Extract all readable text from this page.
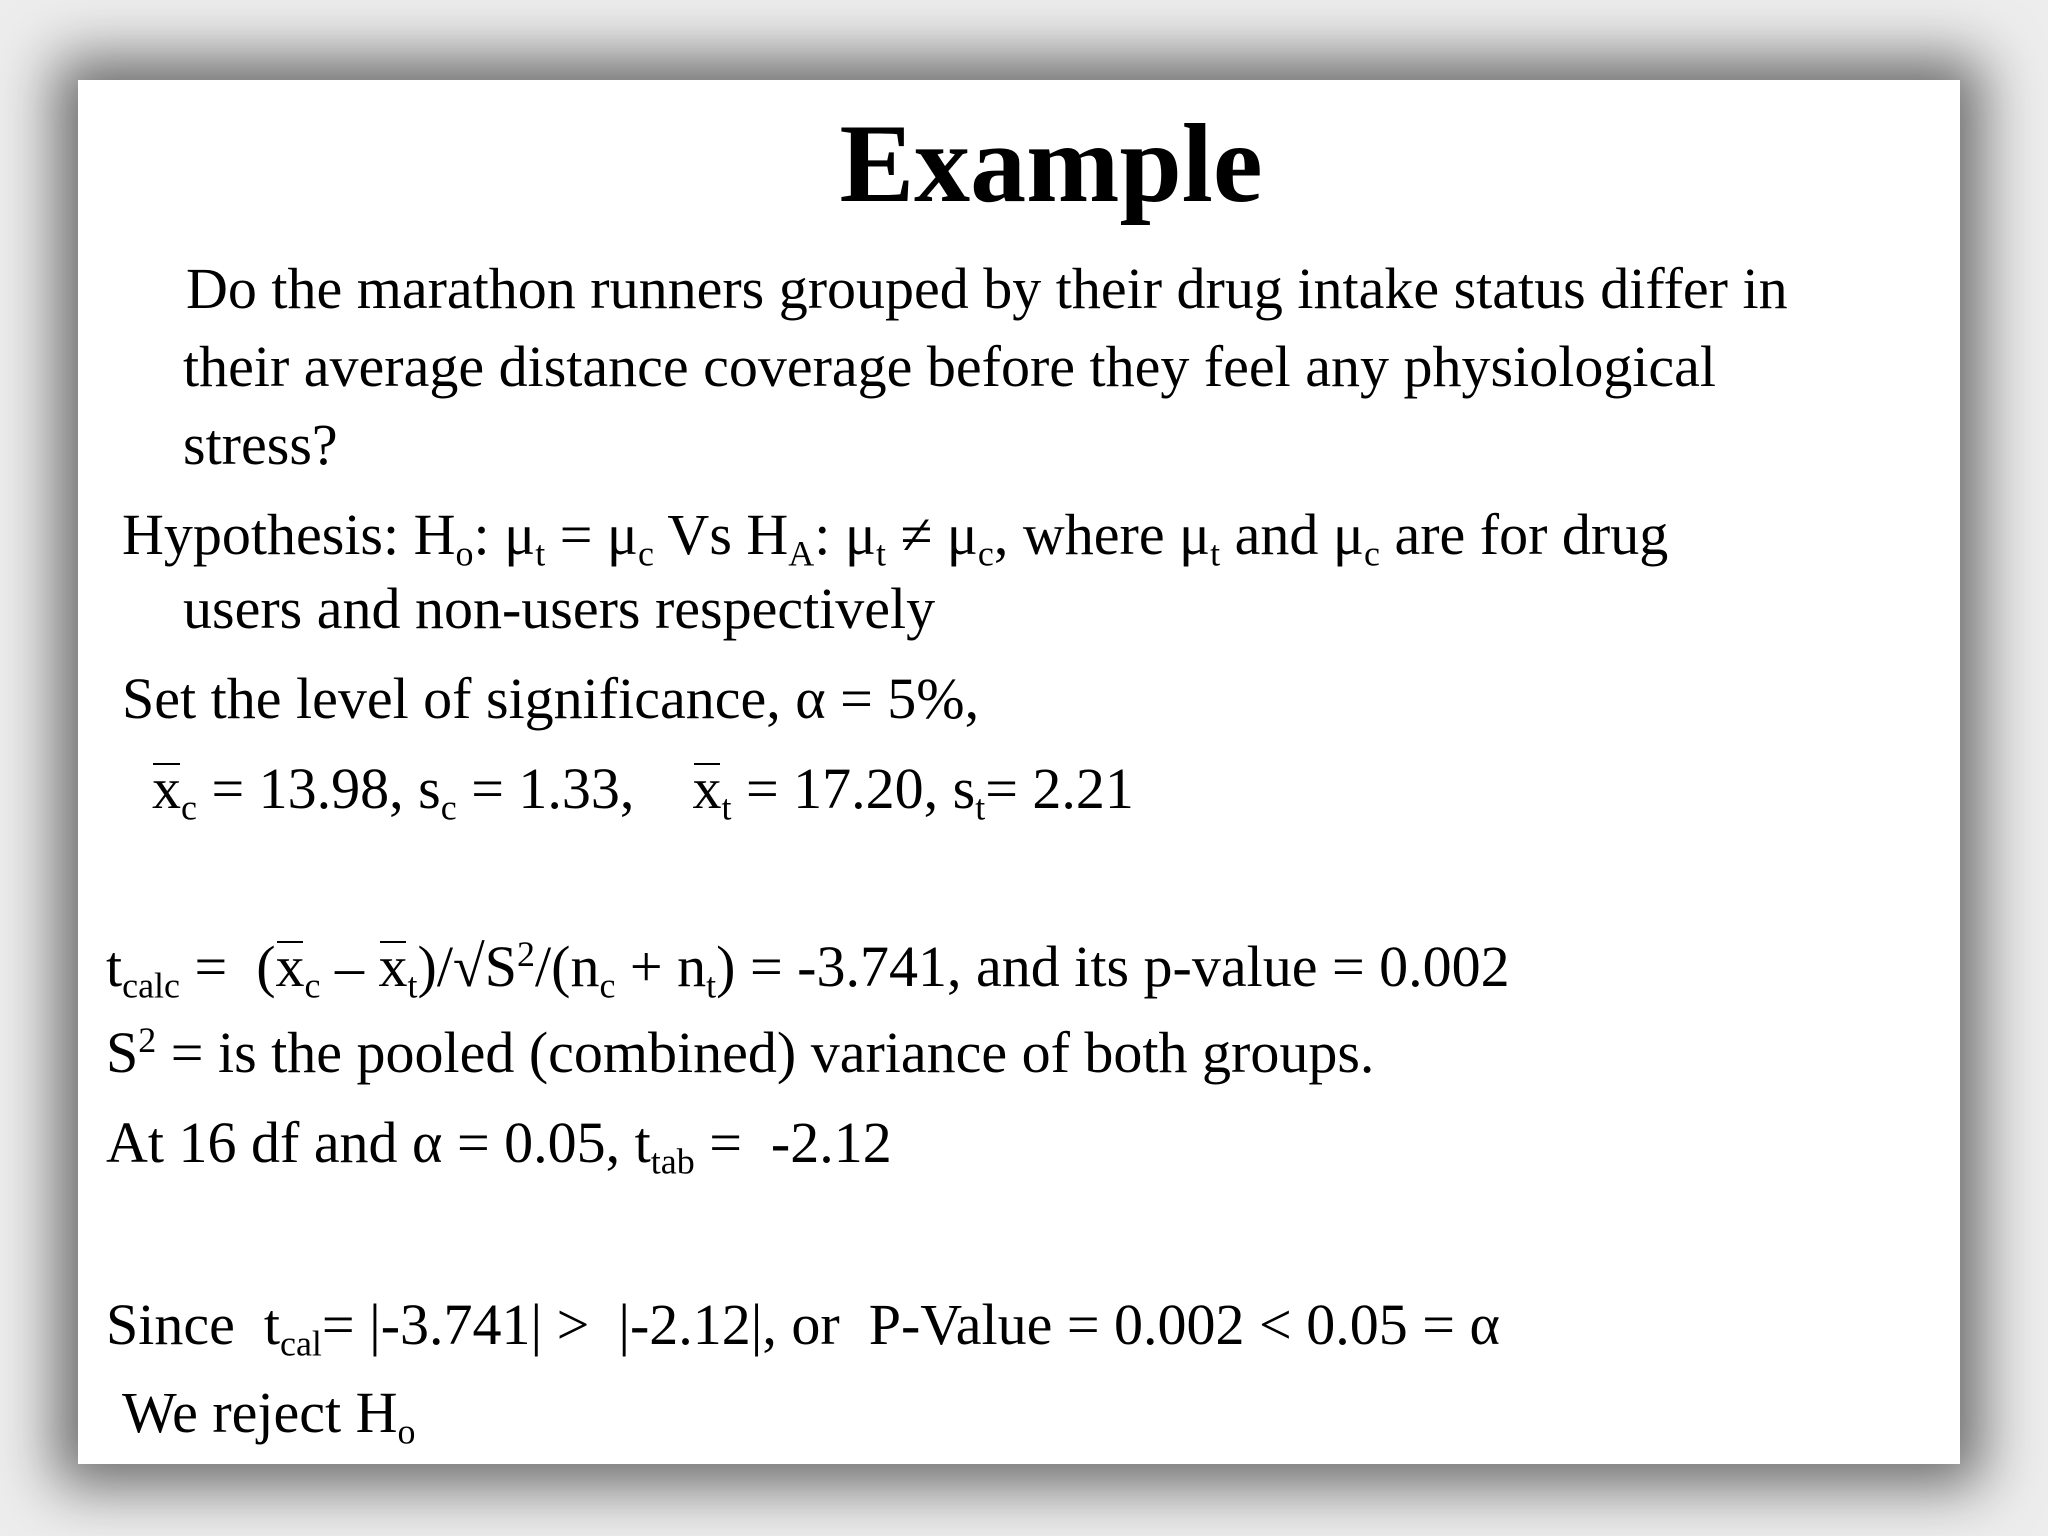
Example
Do the marathon runners grouped by their drug intake status differ in
their average distance coverage before they feel any physiological
stress?
Hypothesis: $H_o$: $\mu_t = \mu_c$ Vs $H_A$: $\mu_t \ne \mu_c$, where $\mu_t$ and $\mu_c$ are for drug
users and non-users respectively
Set the level of significance, α = 5%,
$x_c = 13.98$, $s_c = 1.33$,    $x_t = 17.20$, $s_t= 2.21$
$t_{calc} = (x_c - x_t)/√S^2/(n_c + n_t) = -3.741$, and its p-value = 0.002
$S^2$ = is the pooled (combined) variance of both groups.
At 16 df and α = 0.05, $t_{tab} = -2.12$
Since  $t_{cal}= |-3.741| > |-2.12|$, or  P-Value = 0.002 < 0.05 = α
We reject $H_o$
